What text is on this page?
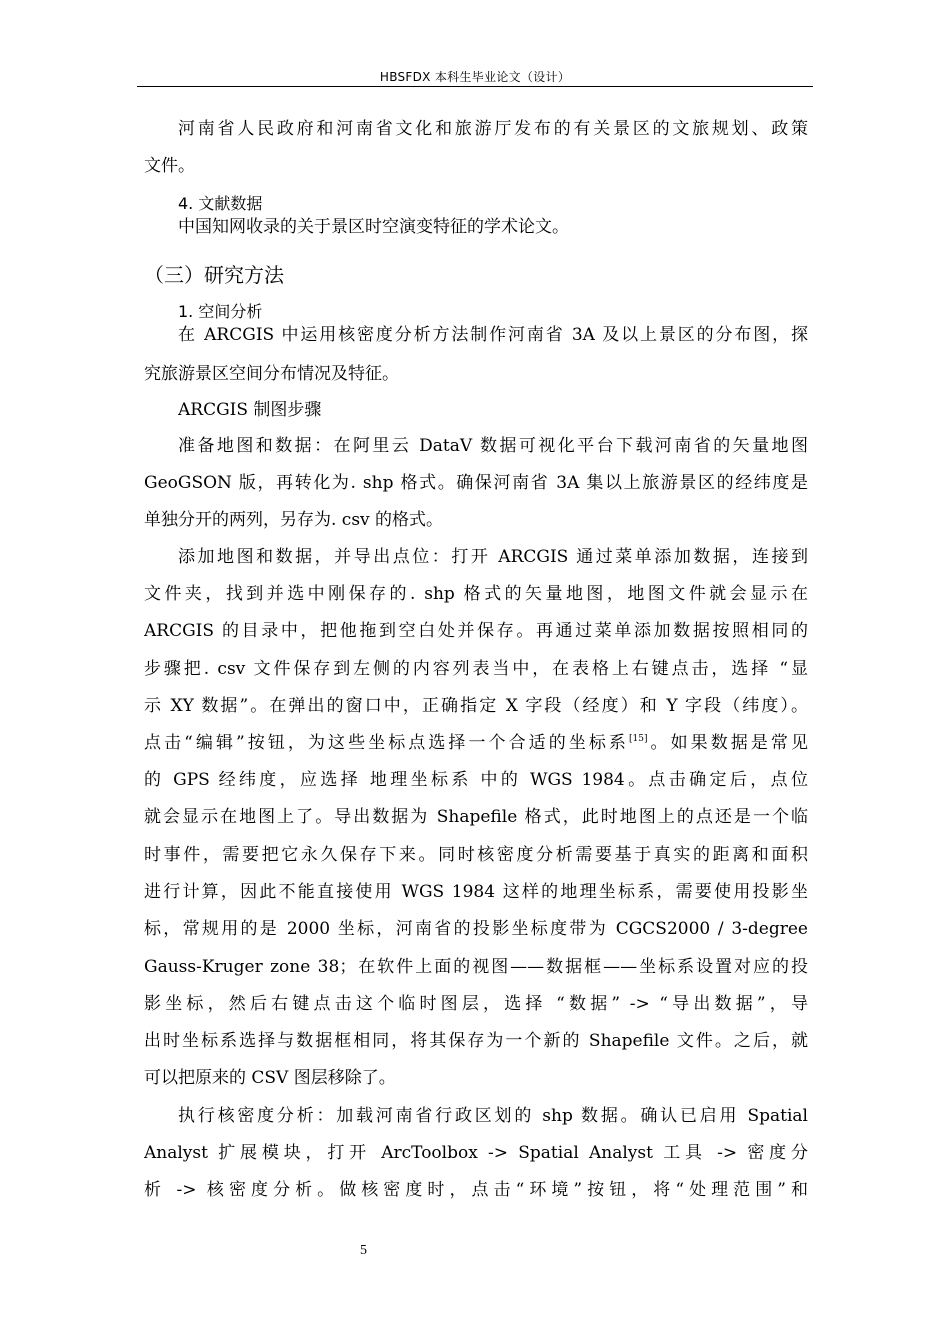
HBSFDX 本科生毕业论文（设计）
河南省人民政府和河南省文化和旅游厅发布的有关景区的文旅规划、政策
文件。
4. 文献数据
中国知网收录的关于景区时空演变特征的学术论文。
（三）研究方法
1. 空间分析
在 ARCGIS 中运用核密度分析方法制作河南省 3A 及以上景区的分布图，探
究旅游景区空间分布情况及特征。
ARCGIS 制图步骤
准备地图和数据：在阿里云 DataV 数据可视化平台下载河南省的矢量地图
GeoGSON 版，再转化为. shp 格式。确保河南省 3A 集以上旅游景区的经纬度是
单独分开的两列，另存为. csv 的格式。
添加地图和数据，并导出点位：打开 ARCGIS 通过菜单添加数据，连接到
文件夹，找到并选中刚保存的. shp 格式的矢量地图，地图文件就会显示在
ARCGIS 的目录中，把他拖到空白处并保存。再通过菜单添加数据按照相同的
步骤把. csv 文件保存到左侧的内容列表当中，在表格上右键点击，选择 “显
示 XY 数据”。在弹出的窗口中，正确指定 X 字段（经度）和 Y 字段（纬度）。
点击“编辑”按钮，为这些坐标点选择一个合适的坐标系[15]。如果数据是常见
的 GPS 经纬度，应选择 地理坐标系 中的 WGS 1984。点击确定后，点位
就会显示在地图上了。导出数据为 Shapefile 格式，此时地图上的点还是一个临
时事件，需要把它永久保存下来。同时核密度分析需要基于真实的距离和面积
进行计算，因此不能直接使用 WGS 1984 这样的地理坐标系，需要使用投影坐
标，常规用的是 2000 坐标，河南省的投影坐标度带为 CGCS2000 / 3-degree
Gauss-Kruger zone 38；在软件上面的视图——数据框——坐标系设置对应的投
影坐标，然后右键点击这个临时图层，选择 “数据” -> “导出数据”，导
出时坐标系选择与数据框相同，将其保存为一个新的 Shapefile 文件。之后，就
可以把原来的 CSV 图层移除了。
执行核密度分析：加载河南省行政区划的 shp 数据。确认已启用 Spatial
Analyst 扩展模块，打开 ArcToolbox -> Spatial Analyst 工具 -> 密度分
析 -> 核密度分析。做核密度时，点击“环境”按钮，将“处理范围”和
5
